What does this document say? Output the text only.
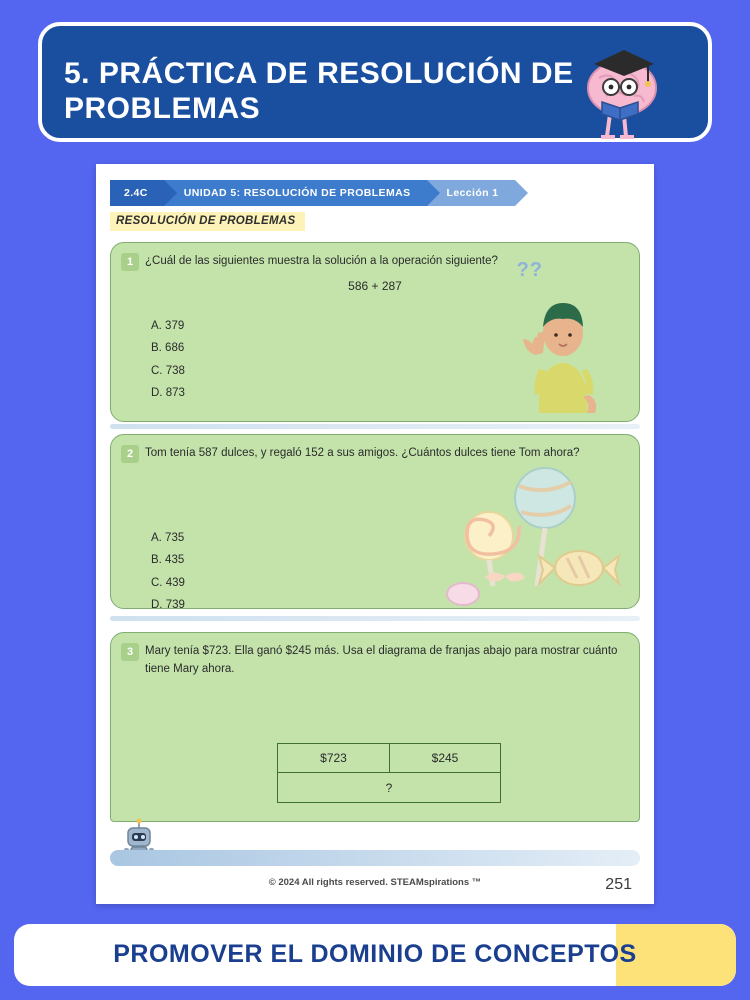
5. PRÁCTICA DE RESOLUCIÓN DE PROBLEMAS
2.4C	UNIDAD 5: RESOLUCIÓN DE PROBLEMAS	Lección 1
RESOLUCIÓN DE PROBLEMAS
1	¿Cuál de las siguientes muestra la solución a la operación siguiente?
586 + 287
??
A. 379
B. 686
C. 738
D. 873
2	Tom tenía 587 dulces, y regaló 152 a sus amigos. ¿Cuántos dulces tiene Tom ahora?
A. 735
B. 435
C. 439
D. 739
3	Mary tenía $723. Ella ganó $245 más. Usa el diagrama de franjas abajo para mostrar cuánto tiene Mary ahora.
$723	$245
?
© 2024 All rights reserved. STEAMspirations ™	251
PROMOVER EL DOMINIO DE CONCEPTOS
